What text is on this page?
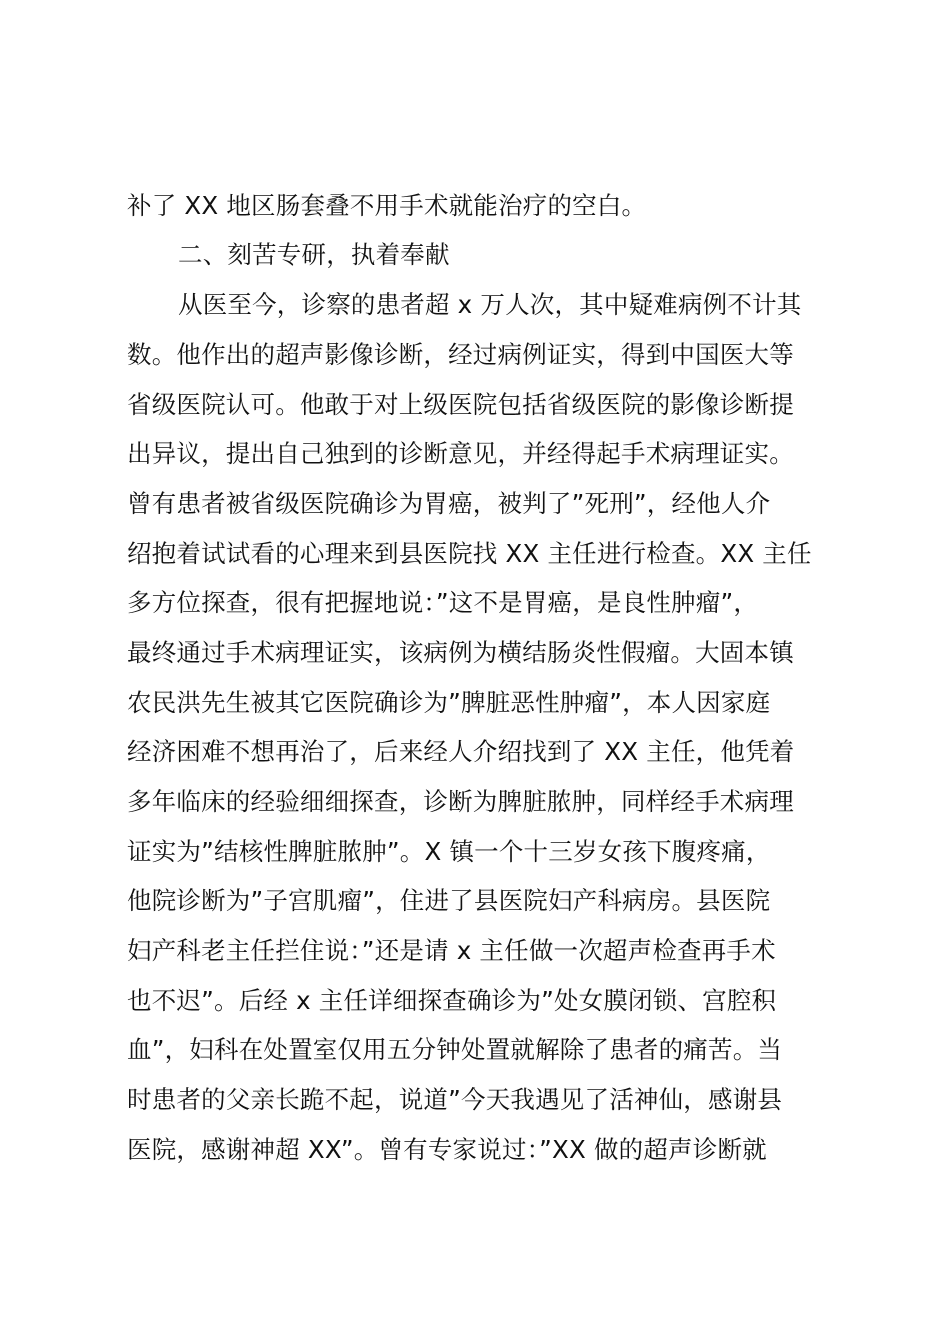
补了 XX 地区肠套叠不用手术就能治疗的空白。
二、刻苦专研，执着奉献
从医至今，诊察的患者超 x 万人次，其中疑难病例不计其
数。他作出的超声影像诊断，经过病例证实，得到中国医大等
省级医院认可。他敢于对上级医院包括省级医院的影像诊断提
出异议，提出自己独到的诊断意见，并经得起手术病理证实。
曾有患者被省级医院确诊为胃癌，被判了”死刑”，经他人介
绍抱着试试看的心理来到县医院找 XX 主任进行检查。XX 主任
多方位探查，很有把握地说：”这不是胃癌，是良性肿瘤”，
最终通过手术病理证实，该病例为横结肠炎性假瘤。大固本镇
农民洪先生被其它医院确诊为”脾脏恶性肿瘤”，本人因家庭
经济困难不想再治了，后来经人介绍找到了 XX 主任，他凭着
多年临床的经验细细探查，诊断为脾脏脓肿，同样经手术病理
证实为”结核性脾脏脓肿”。X 镇一个十三岁女孩下腹疼痛，
他院诊断为”子宫肌瘤”，住进了县医院妇产科病房。县医院
妇产科老主任拦住说：”还是请 x 主任做一次超声检查再手术
也不迟”。后经 x 主任详细探查确诊为”处女膜闭锁、宫腔积
血”，妇科在处置室仅用五分钟处置就解除了患者的痛苦。当
时患者的父亲长跪不起，说道”今天我遇见了活神仙，感谢县
医院，感谢神超 XX”。曾有专家说过：”XX 做的超声诊断就
